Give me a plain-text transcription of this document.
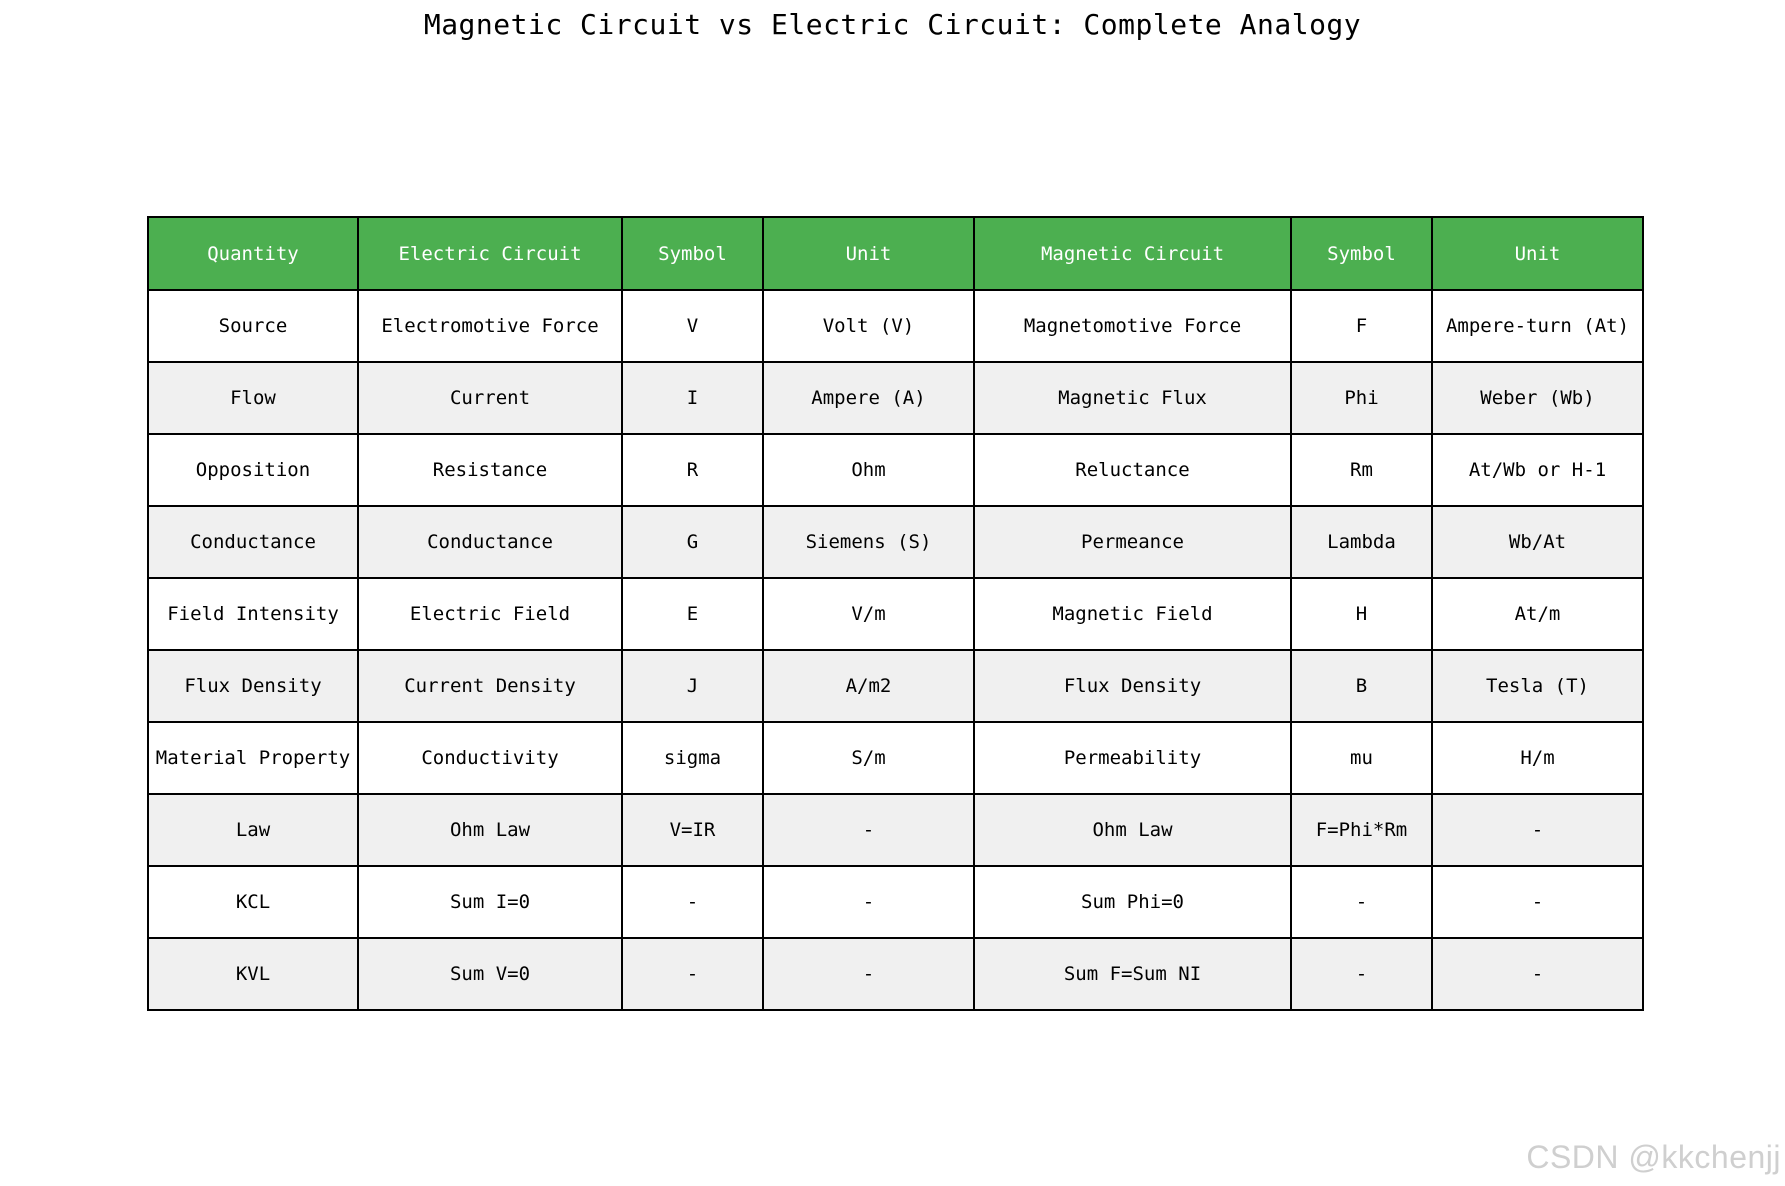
Magnetic Circuit vs Electric Circuit: Complete Analogy
Quantity	Electric Circuit	Symbol	Unit	Magnetic Circuit	Symbol	Unit
Source	Electromotive Force	V	Volt (V)	Magnetomotive Force	F	Ampere-turn (At)
Flow	Current	I	Ampere (A)	Magnetic Flux	Phi	Weber (Wb)
Opposition	Resistance	R	Ohm	Reluctance	Rm	At/Wb or H-1
Conductance	Conductance	G	Siemens (S)	Permeance	Lambda	Wb/At
Field Intensity	Electric Field	E	V/m	Magnetic Field	H	At/m
Flux Density	Current Density	J	A/m2	Flux Density	B	Tesla (T)
Material Property	Conductivity	sigma	S/m	Permeability	mu	H/m
Law	Ohm Law	V=IR	-	Ohm Law	F=Phi*Rm	-
KCL	Sum I=0	-	-	Sum Phi=0	-	-
KVL	Sum V=0	-	-	Sum F=Sum NI	-	-
CSDN @kkchenjj
